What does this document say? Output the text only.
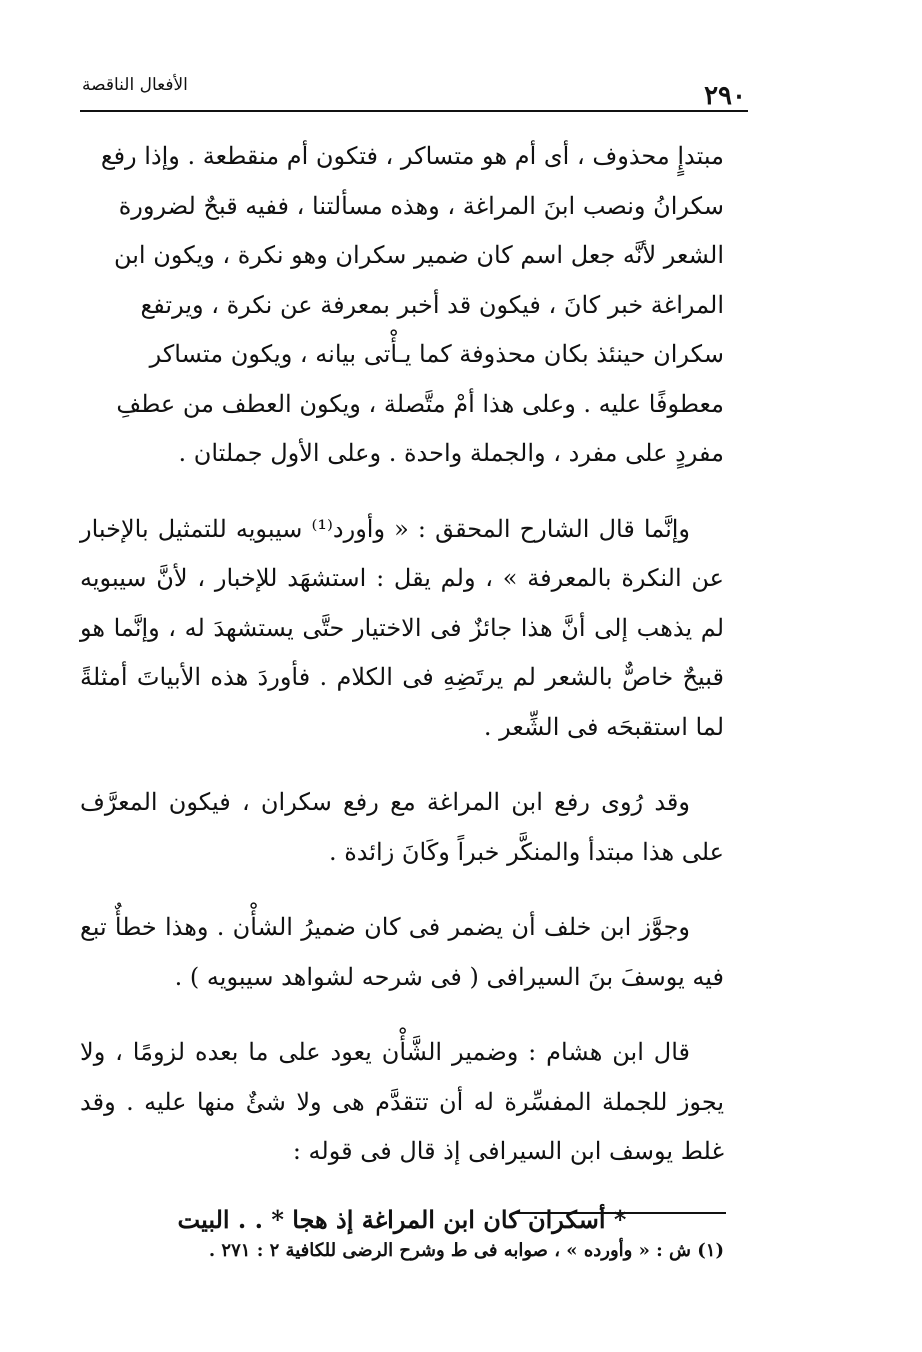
٢٩٠
الأفعال الناقصة

مبتدإٍ محذوف ، أى أم هو متساكر ، فتكون أم منقطعة . وإذا رفع سكرانُ ونصب ابنَ المراغة ، وهذه مسألتنا ، ففيه قبحٌ لضرورة الشعر لأنَّه جعل اسم كان ضمير سكران وهو نكرة ، ويكون ابن المراغة خبر كانَ ، فيكون قد أخبر بمعرفة عن نكرة ، ويرتفع سكران حينئذ بكان محذوفة كما يـأْتى بيانه ، ويكون متساكر معطوفًا عليه . وعلى هذا أمْ متَّصلة ، ويكون العطف من عطفِ مفردٍ على مفرد ، والجملة واحدة . وعلى الأول جملتان .

وإنَّما قال الشارح المحقق : « وأورد⁽¹⁾ سيبويه للتمثيل بالإخبار عن النكرة بالمعرفة » ، ولم يقل : استشهَد للإخبار ، لأنَّ سيبويه لم يذهب إلى أنَّ هذا جائزٌ فى الاختيار حتَّى يستشهدَ له ، وإنَّما هو قبيحٌ خاصٌّ بالشعر لم يرتَضِهِ فى الكلام . فأوردَ هذه الأبياتَ أمثلةً لما استقبحَه فى الشِّعر .

وقد رُوى رفع ابن المراغة مع رفع سكران ، فيكون المعرَّف على هذا مبتدأ والمنكَّر خبراً وكَانَ زائدة .

وجوَّز ابن خلف أن يضمر فى كان ضميرُ الشأْن . وهذا خطأٌ تبع فيه يوسفَ بنَ السيرافى ( فى شرحه لشواهد سيبويه ) .

قال ابن هشام : وضمير الشَّأْن يعود على ما بعده لزومًا ، ولا يجوز للجملة المفسِّرة له أن تتقدَّم هى ولا شئٌ منها عليه . وقد غلط يوسف ابن السيرافى إذ قال فى قوله :

* أسكران كان ابن المراغة إذ هجا * . . البيت

(١) ش : « وأورده » ، صوابه فى ط وشرح الرضى للكافية ٢ : ٢٧١ .
